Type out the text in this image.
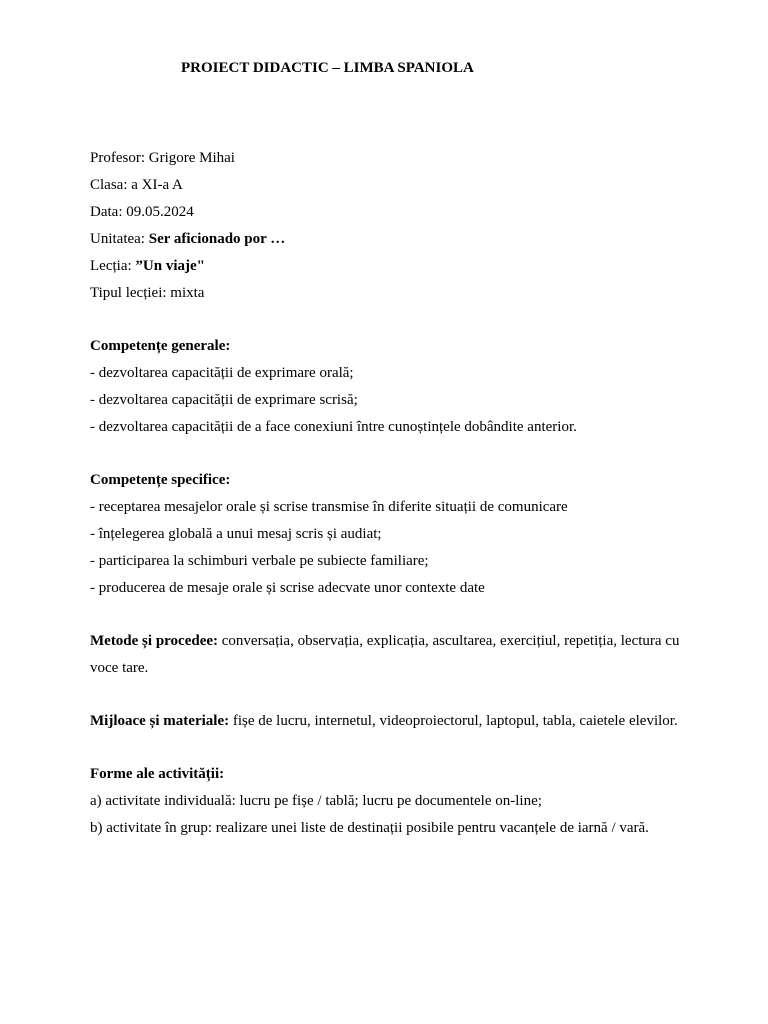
PROIECT DIDACTIC – LIMBA SPANIOLA
Profesor: Grigore Mihai
Clasa: a XI-a A
Data: 09.05.2024
Unitatea: Ser aficionado por …
Lecția: ”Un viaje"
Tipul lecției: mixta
Competențe generale:
- dezvoltarea capacității de exprimare orală;
- dezvoltarea capacității de exprimare scrisă;
- dezvoltarea capacității de a face conexiuni între cunoștințele dobândite anterior.
Competențe specifice:
- receptarea mesajelor orale și scrise transmise în diferite situații de comunicare
- înțelegerea globală a unui mesaj scris și audiat;
- participarea la schimburi verbale pe subiecte familiare;
- producerea de mesaje orale și scrise adecvate unor contexte date
Metode și procedee: conversația, observația, explicația, ascultarea, exercițiul, repetiția, lectura cu voce tare.
Mijloace și materiale: fișe de lucru, internetul, videoproiectorul, laptopul, tabla, caietele elevilor.
Forme ale activității:
a) activitate individuală: lucru pe fișe / tablă; lucru pe documentele on-line;
b) activitate în grup: realizare unei liste de destinații posibile pentru vacanțele de iarnă / vară.
